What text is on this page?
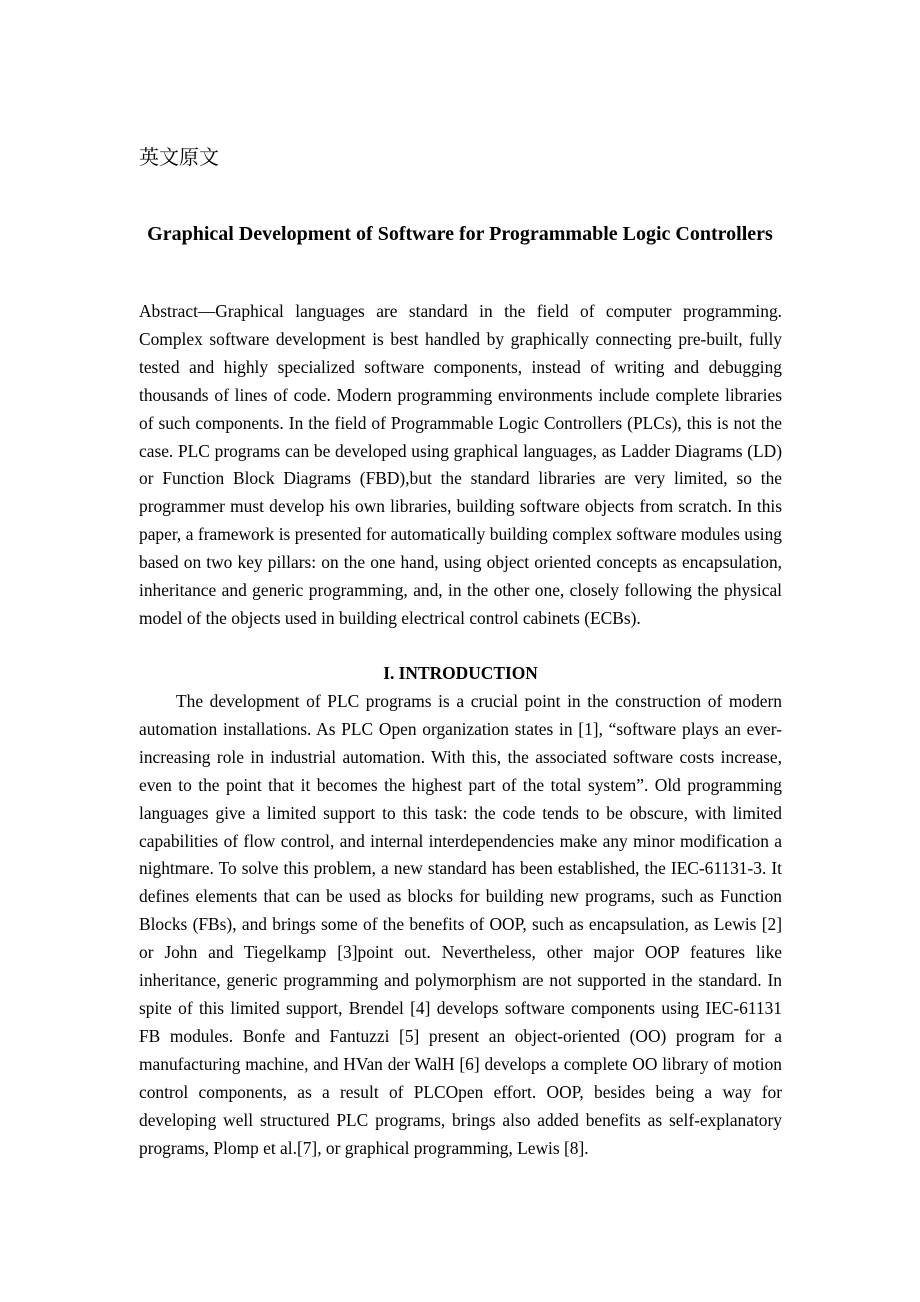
英文原文
Graphical Development of Software for Programmable Logic Controllers

Abstract—Graphical languages are standard in the field of computer programming. Complex software development is best handled by graphically connecting pre-built, fully tested and highly specialized software components, instead of writing and debugging thousands of lines of code. Modern programming environments include complete libraries of such components. In the field of Programmable Logic Controllers (PLCs), this is not the case. PLC programs can be developed using graphical languages, as Ladder Diagrams (LD) or Function Block Diagrams (FBD),but the standard libraries are very limited, so the programmer must develop his own libraries, building software objects from scratch. In this paper, a framework is presented for automatically building complex software modules using based on two key pillars: on the one hand, using object oriented concepts as encapsulation, inheritance and generic programming, and, in the other one, closely following the physical model of the objects used in building electrical control cabinets (ECBs).

I. INTRODUCTION

The development of PLC programs is a crucial point in the construction of modern automation installations. As PLC Open organization states in [1], “software plays an ever-increasing role in industrial automation. With this, the associated software costs increase, even to the point that it becomes the highest part of the total system”. Old programming languages give a limited support to this task: the code tends to be obscure, with limited capabilities of flow control, and internal interdependencies make any minor modification a nightmare. To solve this problem, a new standard has been established, the IEC-61131-3. It defines elements that can be used as blocks for building new programs, such as Function Blocks (FBs), and brings some of the benefits of OOP, such as encapsulation, as Lewis [2] or John and Tiegelkamp [3]point out. Nevertheless, other major OOP features like inheritance, generic programming and polymorphism are not supported in the standard. In spite of this limited support, Brendel [4] develops software components using IEC-61131 FB modules. Bonfe and Fantuzzi [5] present an object-oriented (OO) program for a manufacturing machine, and HVan der WalH [6] develops a complete OO library of motion control components, as a result of PLCOpen effort. OOP, besides being a way for developing well structured PLC programs, brings also added benefits as self-explanatory programs, Plomp et al.[7], or graphical programming, Lewis [8].
